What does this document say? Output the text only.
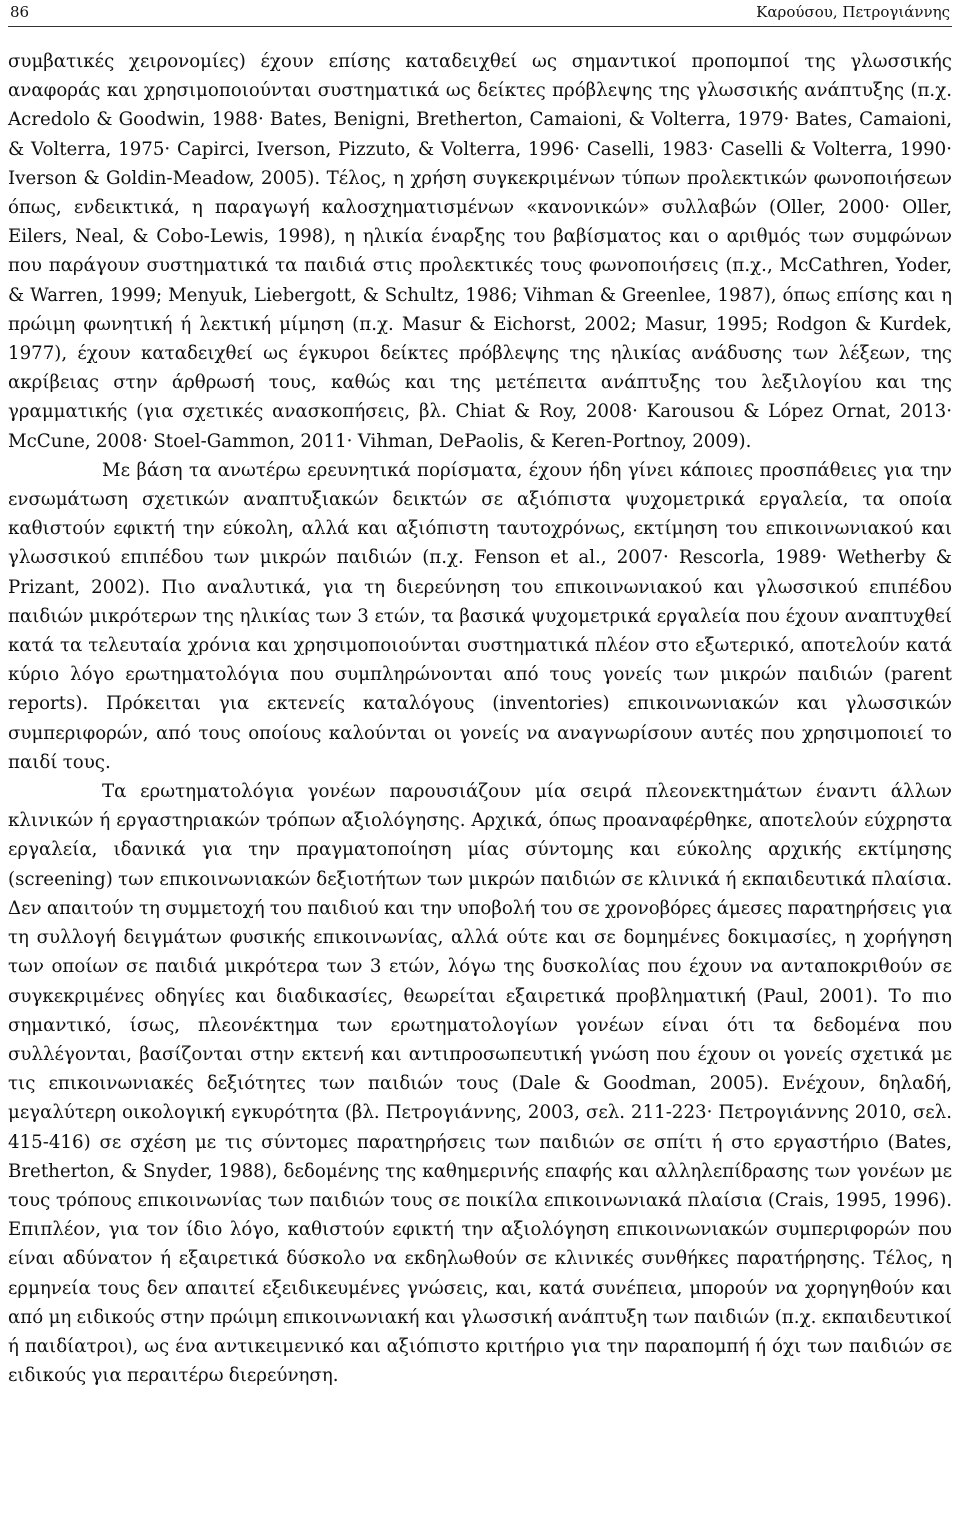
86	Καρούσου, Πετρογιάννης

συμβατικές χειρονομίες) έχουν επίσης καταδειχθεί ως σημαντικοί προπομποί της γλωσσικής αναφοράς και χρησιμοποιούνται συστηματικά ως δείκτες πρόβλεψης της γλωσσικής ανάπτυξης (π.χ. Acredolo & Goodwin, 1988· Bates, Benigni, Bretherton, Camaioni, & Volterra, 1979· Bates, Camaioni, & Volterra, 1975· Capirci, Iverson, Pizzuto, & Volterra, 1996· Caselli, 1983· Caselli & Volterra, 1990· Iverson & Goldin-Meadow, 2005). Τέλος, η χρήση συγκεκριμένων τύπων προλεκτικών φωνοποιήσεων όπως, ενδεικτικά, η παραγωγή καλοσχηματισμένων «κανονικών» συλλαβών (Oller, 2000· Oller, Eilers, Neal, & Cobo-Lewis, 1998), η ηλικία έναρξης του βαβίσματος και ο αριθμός των συμφώνων που παράγουν συστηματικά τα παιδιά στις προλεκτικές τους φωνοποιήσεις (π.χ., McCathren, Yoder, & Warren, 1999; Menyuk, Liebergott, & Schultz, 1986; Vihman & Greenlee, 1987), όπως επίσης και η πρώιμη φωνητική ή λεκτική μίμηση (π.χ. Masur & Eichorst, 2002; Masur, 1995; Rodgon & Kurdek, 1977), έχουν καταδειχθεί ως έγκυροι δείκτες πρόβλεψης της ηλικίας ανάδυσης των λέξεων, της ακρίβειας στην άρθρωσή τους, καθώς και της μετέπειτα ανάπτυξης του λεξιλογίου και της γραμματικής (για σχετικές ανασκοπήσεις, βλ. Chiat & Roy, 2008· Karousou & López Ornat, 2013· McCune, 2008· Stoel-Gammon, 2011· Vihman, DePaolis, & Keren-Portnoy, 2009).

Με βάση τα ανωτέρω ερευνητικά πορίσματα, έχουν ήδη γίνει κάποιες προσπάθειες για την ενσωμάτωση σχετικών αναπτυξιακών δεικτών σε αξιόπιστα ψυχομετρικά εργαλεία, τα οποία καθιστούν εφικτή την εύκολη, αλλά και αξιόπιστη ταυτοχρόνως, εκτίμηση του επικοινωνιακού και γλωσσικού επιπέδου των μικρών παιδιών (π.χ. Fenson et al., 2007· Rescorla, 1989· Wetherby & Prizant, 2002). Πιο αναλυτικά, για τη διερεύνηση του επικοινωνιακού και γλωσσικού επιπέδου παιδιών μικρότερων της ηλικίας των 3 ετών, τα βασικά ψυχομετρικά εργαλεία που έχουν αναπτυχθεί κατά τα τελευταία χρόνια και χρησιμοποιούνται συστηματικά πλέον στο εξωτερικό, αποτελούν κατά κύριο λόγο ερωτηματολόγια που συμπληρώνονται από τους γονείς των μικρών παιδιών (parent reports). Πρόκειται για εκτενείς καταλόγους (inventories) επικοινωνιακών και γλωσσικών συμπεριφορών, από τους οποίους καλούνται οι γονείς να αναγνωρίσουν αυτές που χρησιμοποιεί το παιδί τους.

Τα ερωτηματολόγια γονέων παρουσιάζουν μία σειρά πλεονεκτημάτων έναντι άλλων κλινικών ή εργαστηριακών τρόπων αξιολόγησης. Αρχικά, όπως προαναφέρθηκε, αποτελούν εύχρηστα εργαλεία, ιδανικά για την πραγματοποίηση μίας σύντομης και εύκολης αρχικής εκτίμησης (screening) των επικοινωνιακών δεξιοτήτων των μικρών παιδιών σε κλινικά ή εκπαιδευτικά πλαίσια. Δεν απαιτούν τη συμμετοχή του παιδιού και την υποβολή του σε χρονοβόρες άμεσες παρατηρήσεις για τη συλλογή δειγμάτων φυσικής επικοινωνίας, αλλά ούτε και σε δομημένες δοκιμασίες, η χορήγηση των οποίων σε παιδιά μικρότερα των 3 ετών, λόγω της δυσκολίας που έχουν να ανταποκριθούν σε συγκεκριμένες οδηγίες και διαδικασίες, θεωρείται εξαιρετικά προβληματική (Paul, 2001). Το πιο σημαντικό, ίσως, πλεονέκτημα των ερωτηματολογίων γονέων είναι ότι τα δεδομένα που συλλέγονται, βασίζονται στην εκτενή και αντιπροσωπευτική γνώση που έχουν οι γονείς σχετικά με τις επικοινωνιακές δεξιότητες των παιδιών τους (Dale & Goodman, 2005). Ενέχουν, δηλαδή, μεγαλύτερη οικολογική εγκυρότητα (βλ. Πετρογιάννης, 2003, σελ. 211-223· Πετρογιάννης 2010, σελ. 415-416) σε σχέση με τις σύντομες παρατηρήσεις των παιδιών σε σπίτι ή στο εργαστήριο (Bates, Bretherton, & Snyder, 1988), δεδομένης της καθημερινής επαφής και αλληλεπίδρασης των γονέων με τους τρόπους επικοινωνίας των παιδιών τους σε ποικίλα επικοινωνιακά πλαίσια (Crais, 1995, 1996). Επιπλέον, για τον ίδιο λόγο, καθιστούν εφικτή την αξιολόγηση επικοινωνιακών συμπεριφορών που είναι αδύνατον ή εξαιρετικά δύσκολο να εκδηλωθούν σε κλινικές συνθήκες παρατήρησης. Τέλος, η ερμηνεία τους δεν απαιτεί εξειδικευμένες γνώσεις, και, κατά συνέπεια, μπορούν να χορηγηθούν και από μη ειδικούς στην πρώιμη επικοινωνιακή και γλωσσική ανάπτυξη των παιδιών (π.χ. εκπαιδευτικοί ή παιδίατροι), ως ένα αντικειμενικό και αξιόπιστο κριτήριο για την παραπομπή ή όχι των παιδιών σε ειδικούς για περαιτέρω διερεύνηση.
